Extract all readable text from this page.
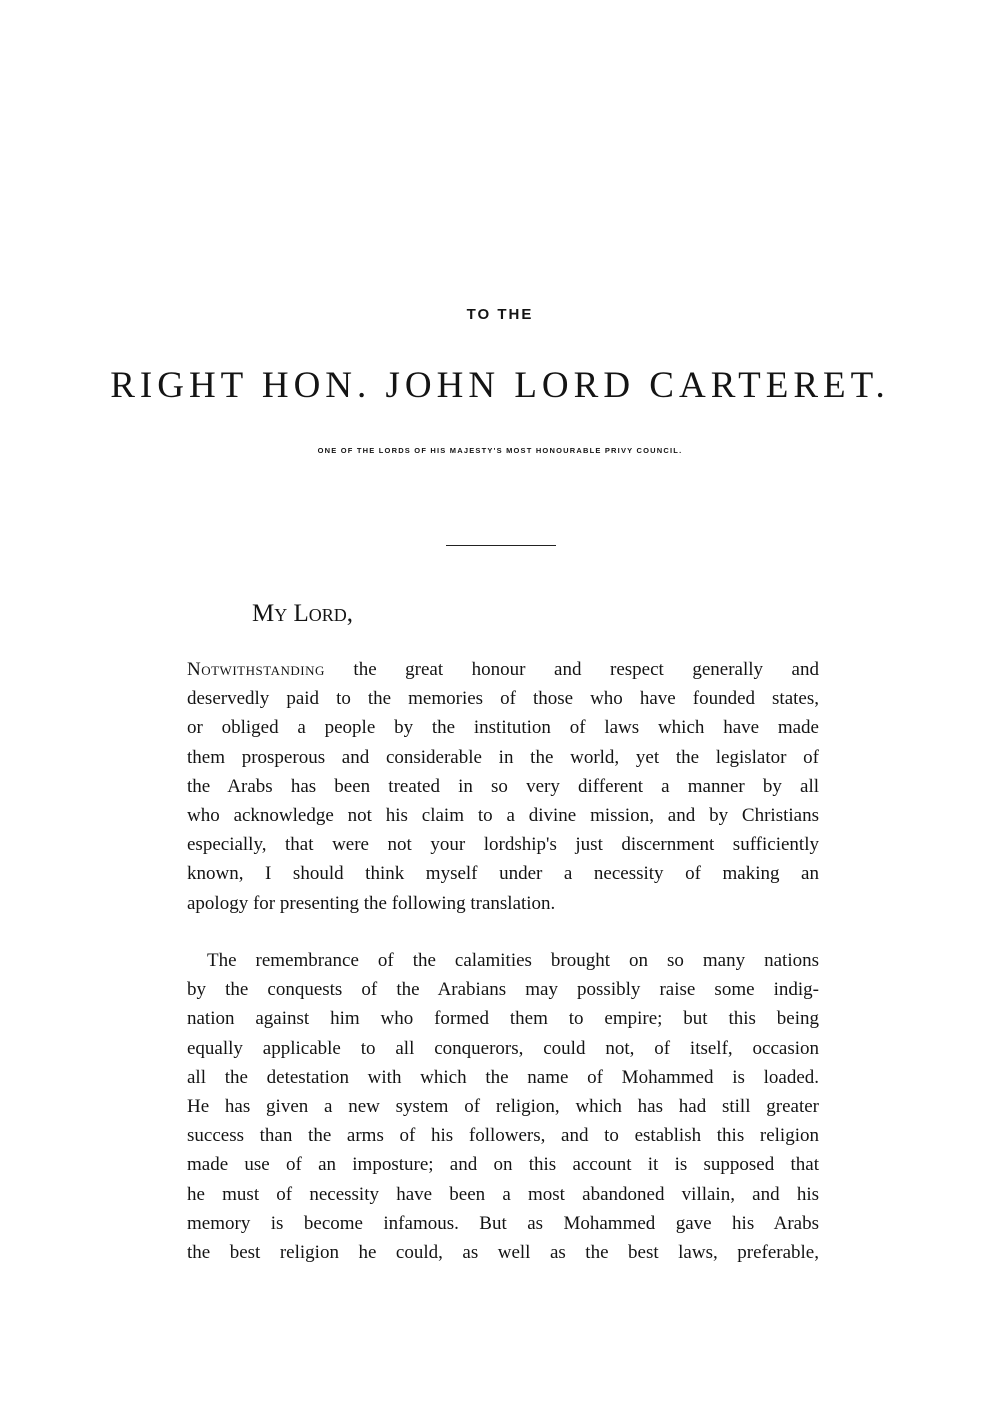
TO THE
RIGHT HON. JOHN LORD CARTERET.
ONE OF THE LORDS OF HIS MAJESTY'S MOST HONOURABLE PRIVY COUNCIL.
My Lord,
Notwithstanding the great honour and respect generally and
deservedly paid to the memories of those who have founded states,
or obliged a people by the institution of laws which have made
them prosperous and considerable in the world, yet the legislator of
the Arabs has been treated in so very different a manner by all
who acknowledge not his claim to a divine mission, and by Christians
especially, that were not your lordship's just discernment sufficiently
known, I should think myself under a necessity of making an
apology for presenting the following translation.
The remembrance of the calamities brought on so many nations
by the conquests of the Arabians may possibly raise some indig-
nation against him who formed them to empire; but this being
equally applicable to all conquerors, could not, of itself, occasion
all the detestation with which the name of Mohammed is loaded.
He has given a new system of religion, which has had still greater
success than the arms of his followers, and to establish this religion
made use of an imposture; and on this account it is supposed that
he must of necessity have been a most abandoned villain, and his
memory is become infamous. But as Mohammed gave his Arabs
the best religion he could, as well as the best laws, preferable,
